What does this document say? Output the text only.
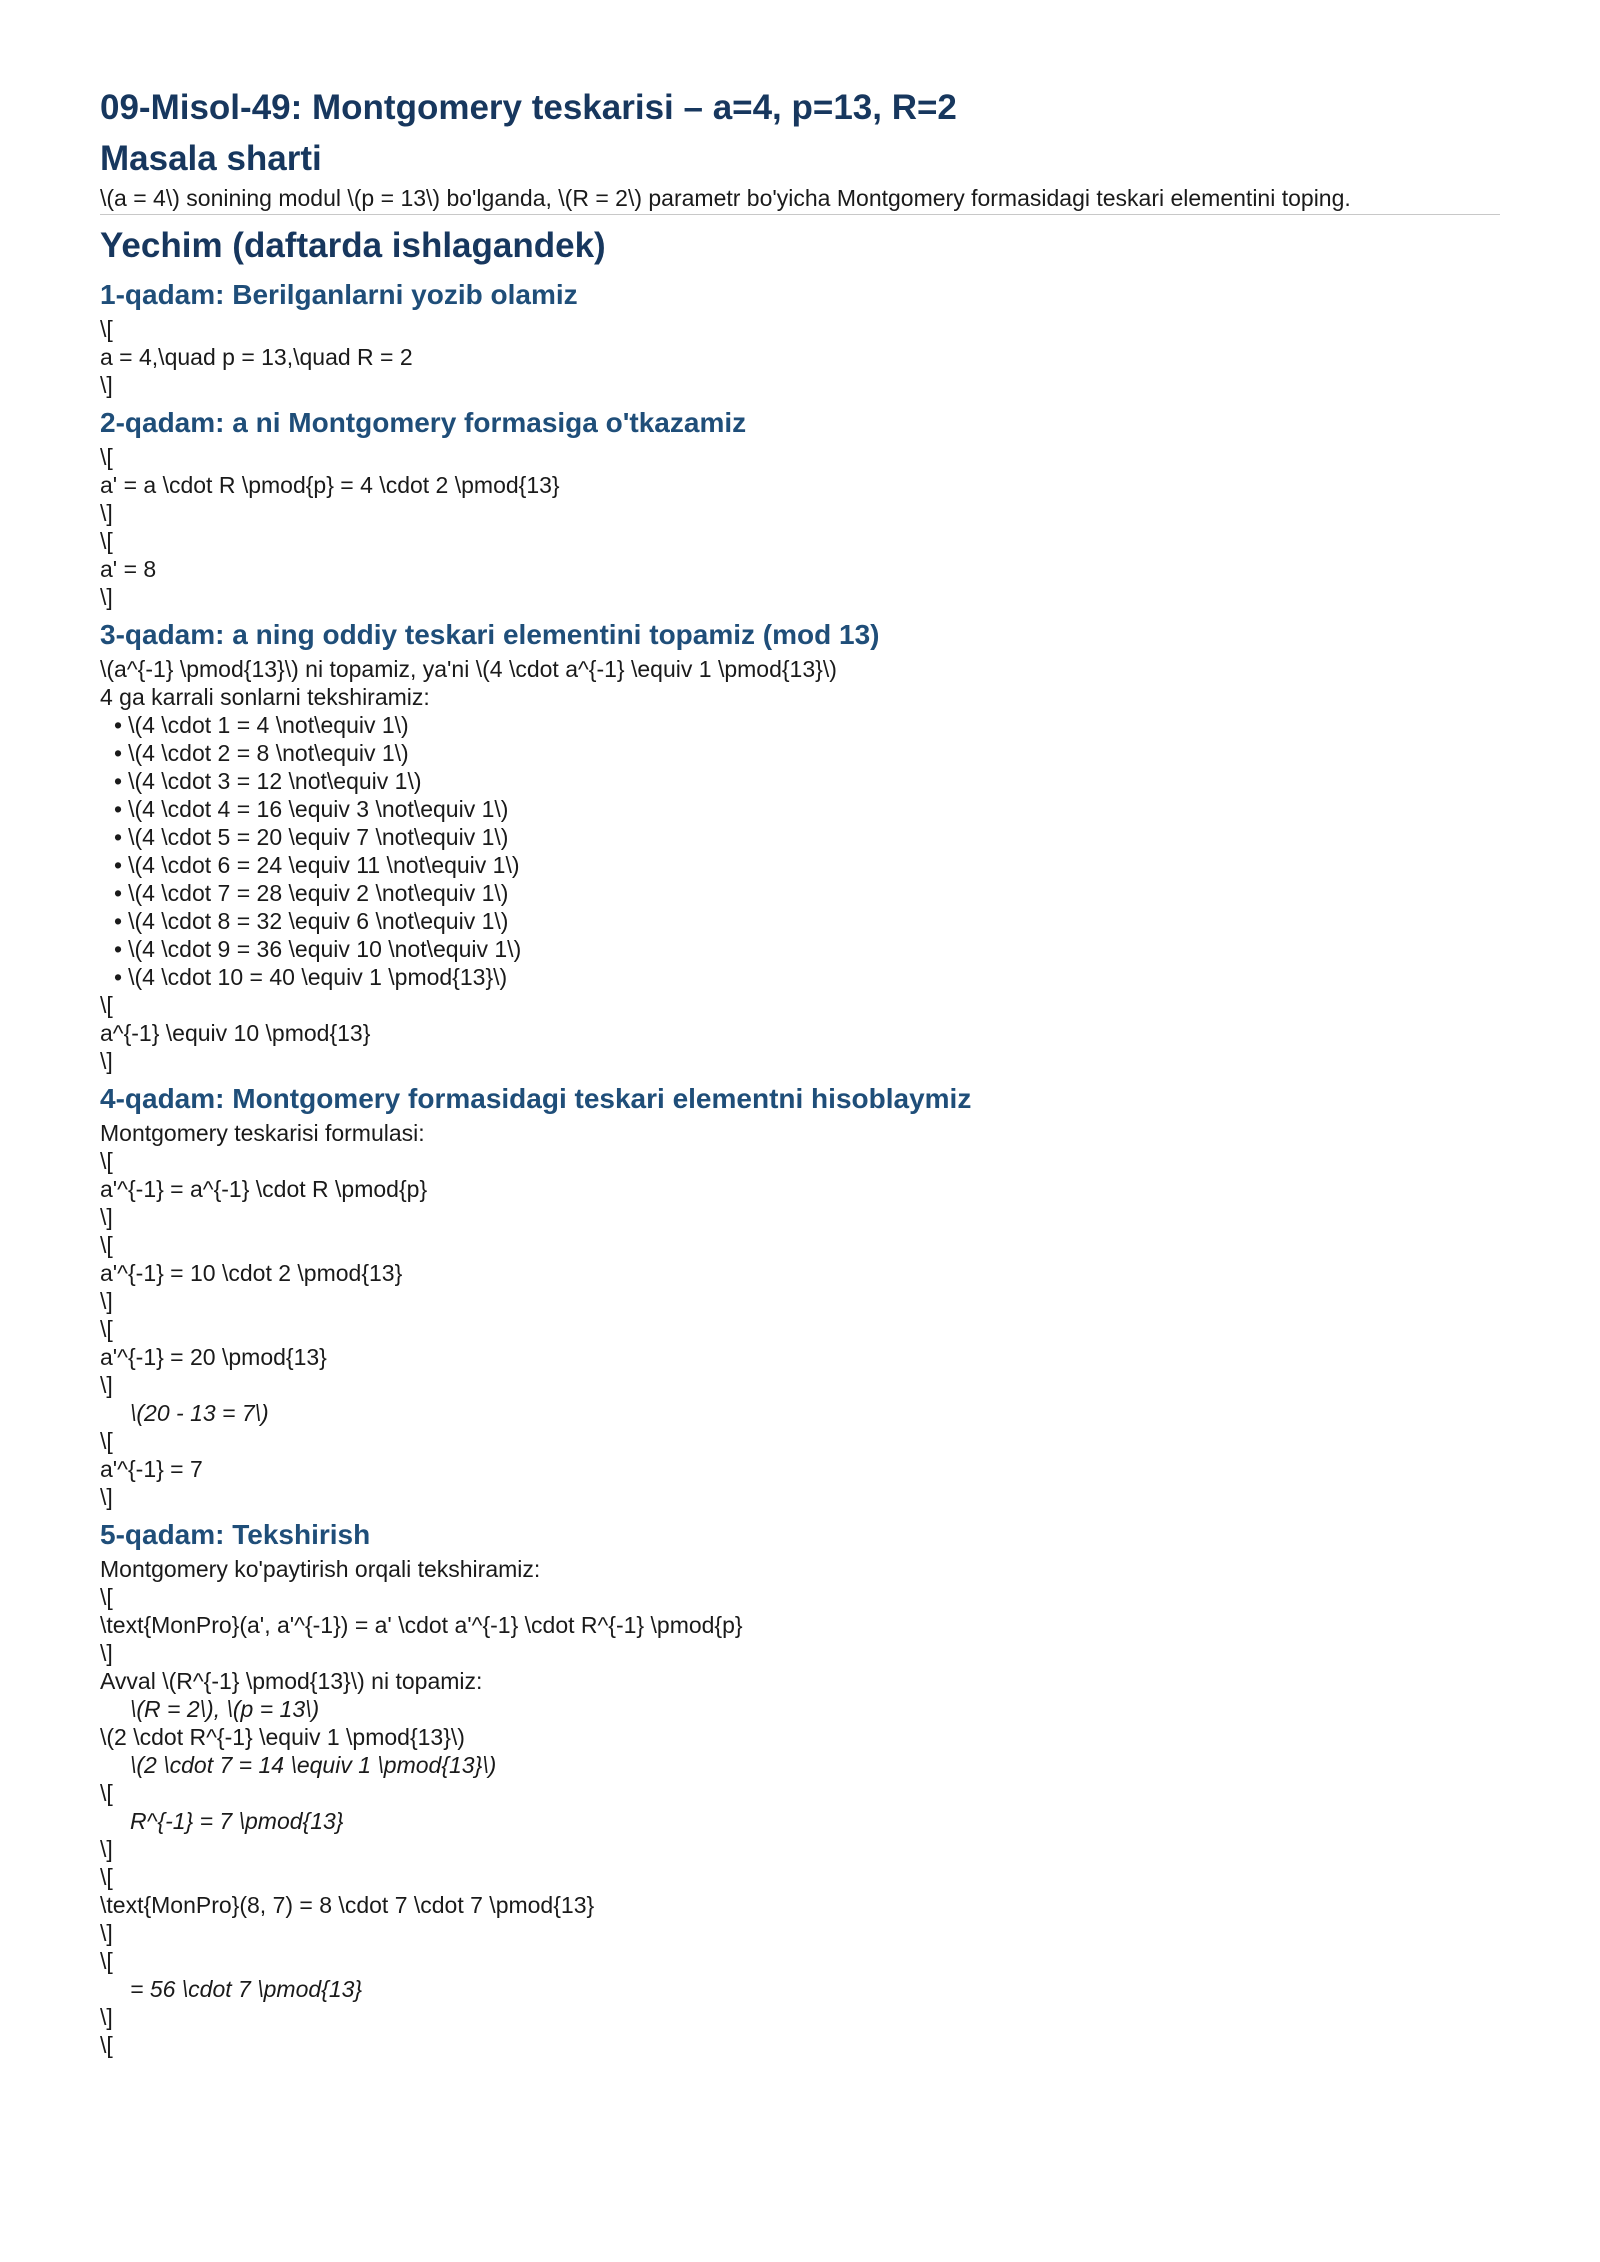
09-Misol-49: Montgomery teskarisi – a=4, p=13, R=2
Masala sharti
\(a = 4\) sonining modul \(p = 13\) bo'lganda, \(R = 2\) parametr bo'yicha Montgomery formasidagi teskari elementini toping.
Yechim (daftarda ishlagandek)
1-qadam: Berilganlarni yozib olamiz
\[
a = 4,\quad p = 13,\quad R = 2
\]
2-qadam: a ni Montgomery formasiga o'tkazamiz
\[
a' = a \cdot R \pmod{p} = 4 \cdot 2 \pmod{13}
\]
\[
a' = 8
\]
3-qadam: a ning oddiy teskari elementini topamiz (mod 13)
\(a^{-1} \pmod{13}\) ni topamiz, ya'ni \(4 \cdot a^{-1} \equiv 1 \pmod{13}\)
4 ga karrali sonlarni tekshiramiz:
• \(4 \cdot 1 = 4 \not\equiv 1\)
• \(4 \cdot 2 = 8 \not\equiv 1\)
• \(4 \cdot 3 = 12 \not\equiv 1\)
• \(4 \cdot 4 = 16 \equiv 3 \not\equiv 1\)
• \(4 \cdot 5 = 20 \equiv 7 \not\equiv 1\)
• \(4 \cdot 6 = 24 \equiv 11 \not\equiv 1\)
• \(4 \cdot 7 = 28 \equiv 2 \not\equiv 1\)
• \(4 \cdot 8 = 32 \equiv 6 \not\equiv 1\)
• \(4 \cdot 9 = 36 \equiv 10 \not\equiv 1\)
• \(4 \cdot 10 = 40 \equiv 1 \pmod{13}\)
\[
a^{-1} \equiv 10 \pmod{13}
\]
4-qadam: Montgomery formasidagi teskari elementni hisoblaymiz
Montgomery teskarisi formulasi:
\[
a'^{-1} = a^{-1} \cdot R \pmod{p}
\]
\[
a'^{-1} = 10 \cdot 2 \pmod{13}
\]
\[
a'^{-1} = 20 \pmod{13}
\]
\(20 - 13 = 7\)
\[
a'^{-1} = 7
\]
5-qadam: Tekshirish
Montgomery ko'paytirish orqali tekshiramiz:
\[
\text{MonPro}(a', a'^{-1}) = a' \cdot a'^{-1} \cdot R^{-1} \pmod{p}
\]
Avval \(R^{-1} \pmod{13}\) ni topamiz:
\(R = 2\), \(p = 13\)
\(2 \cdot R^{-1} \equiv 1 \pmod{13}\)
\(2 \cdot 7 = 14 \equiv 1 \pmod{13}\)
\[
R^{-1} = 7 \pmod{13}
\]
\[
\text{MonPro}(8, 7) = 8 \cdot 7 \cdot 7 \pmod{13}
\]
\[
= 56 \cdot 7 \pmod{13}
\]
\[
